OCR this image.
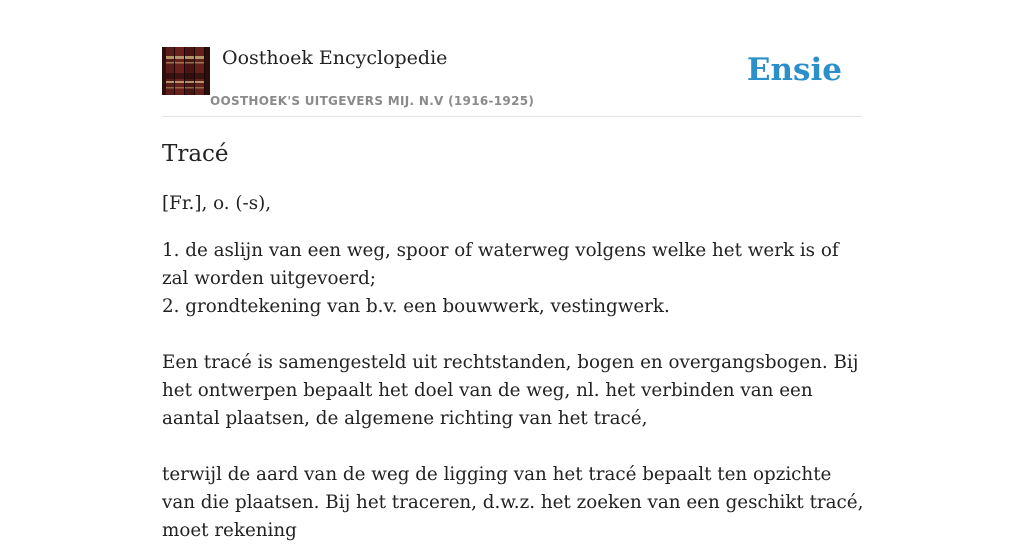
Oosthoek Encyclopedie
OOSTHOEK'S UITGEVERS MIJ. N.V (1916-1925)
Ensie
Tracé

[Fr.], o. (-s),

1. de aslijn van een weg, spoor of waterweg volgens welke het werk is of zal worden uitgevoerd;

2. grondtekening van b.v. een bouwwerk, vestingwerk.

Een tracé is samengesteld uit rechtstanden, bogen en overgangsbogen. Bij het ontwerpen bepaalt het doel van de weg, nl. het verbinden van een aantal plaatsen, de algemene richting van het tracé,

terwijl de aard van de weg de ligging van het tracé bepaalt ten opzichte van die plaatsen. Bij het traceren, d.w.z. het zoeken van een geschikt tracé, moet rekening
